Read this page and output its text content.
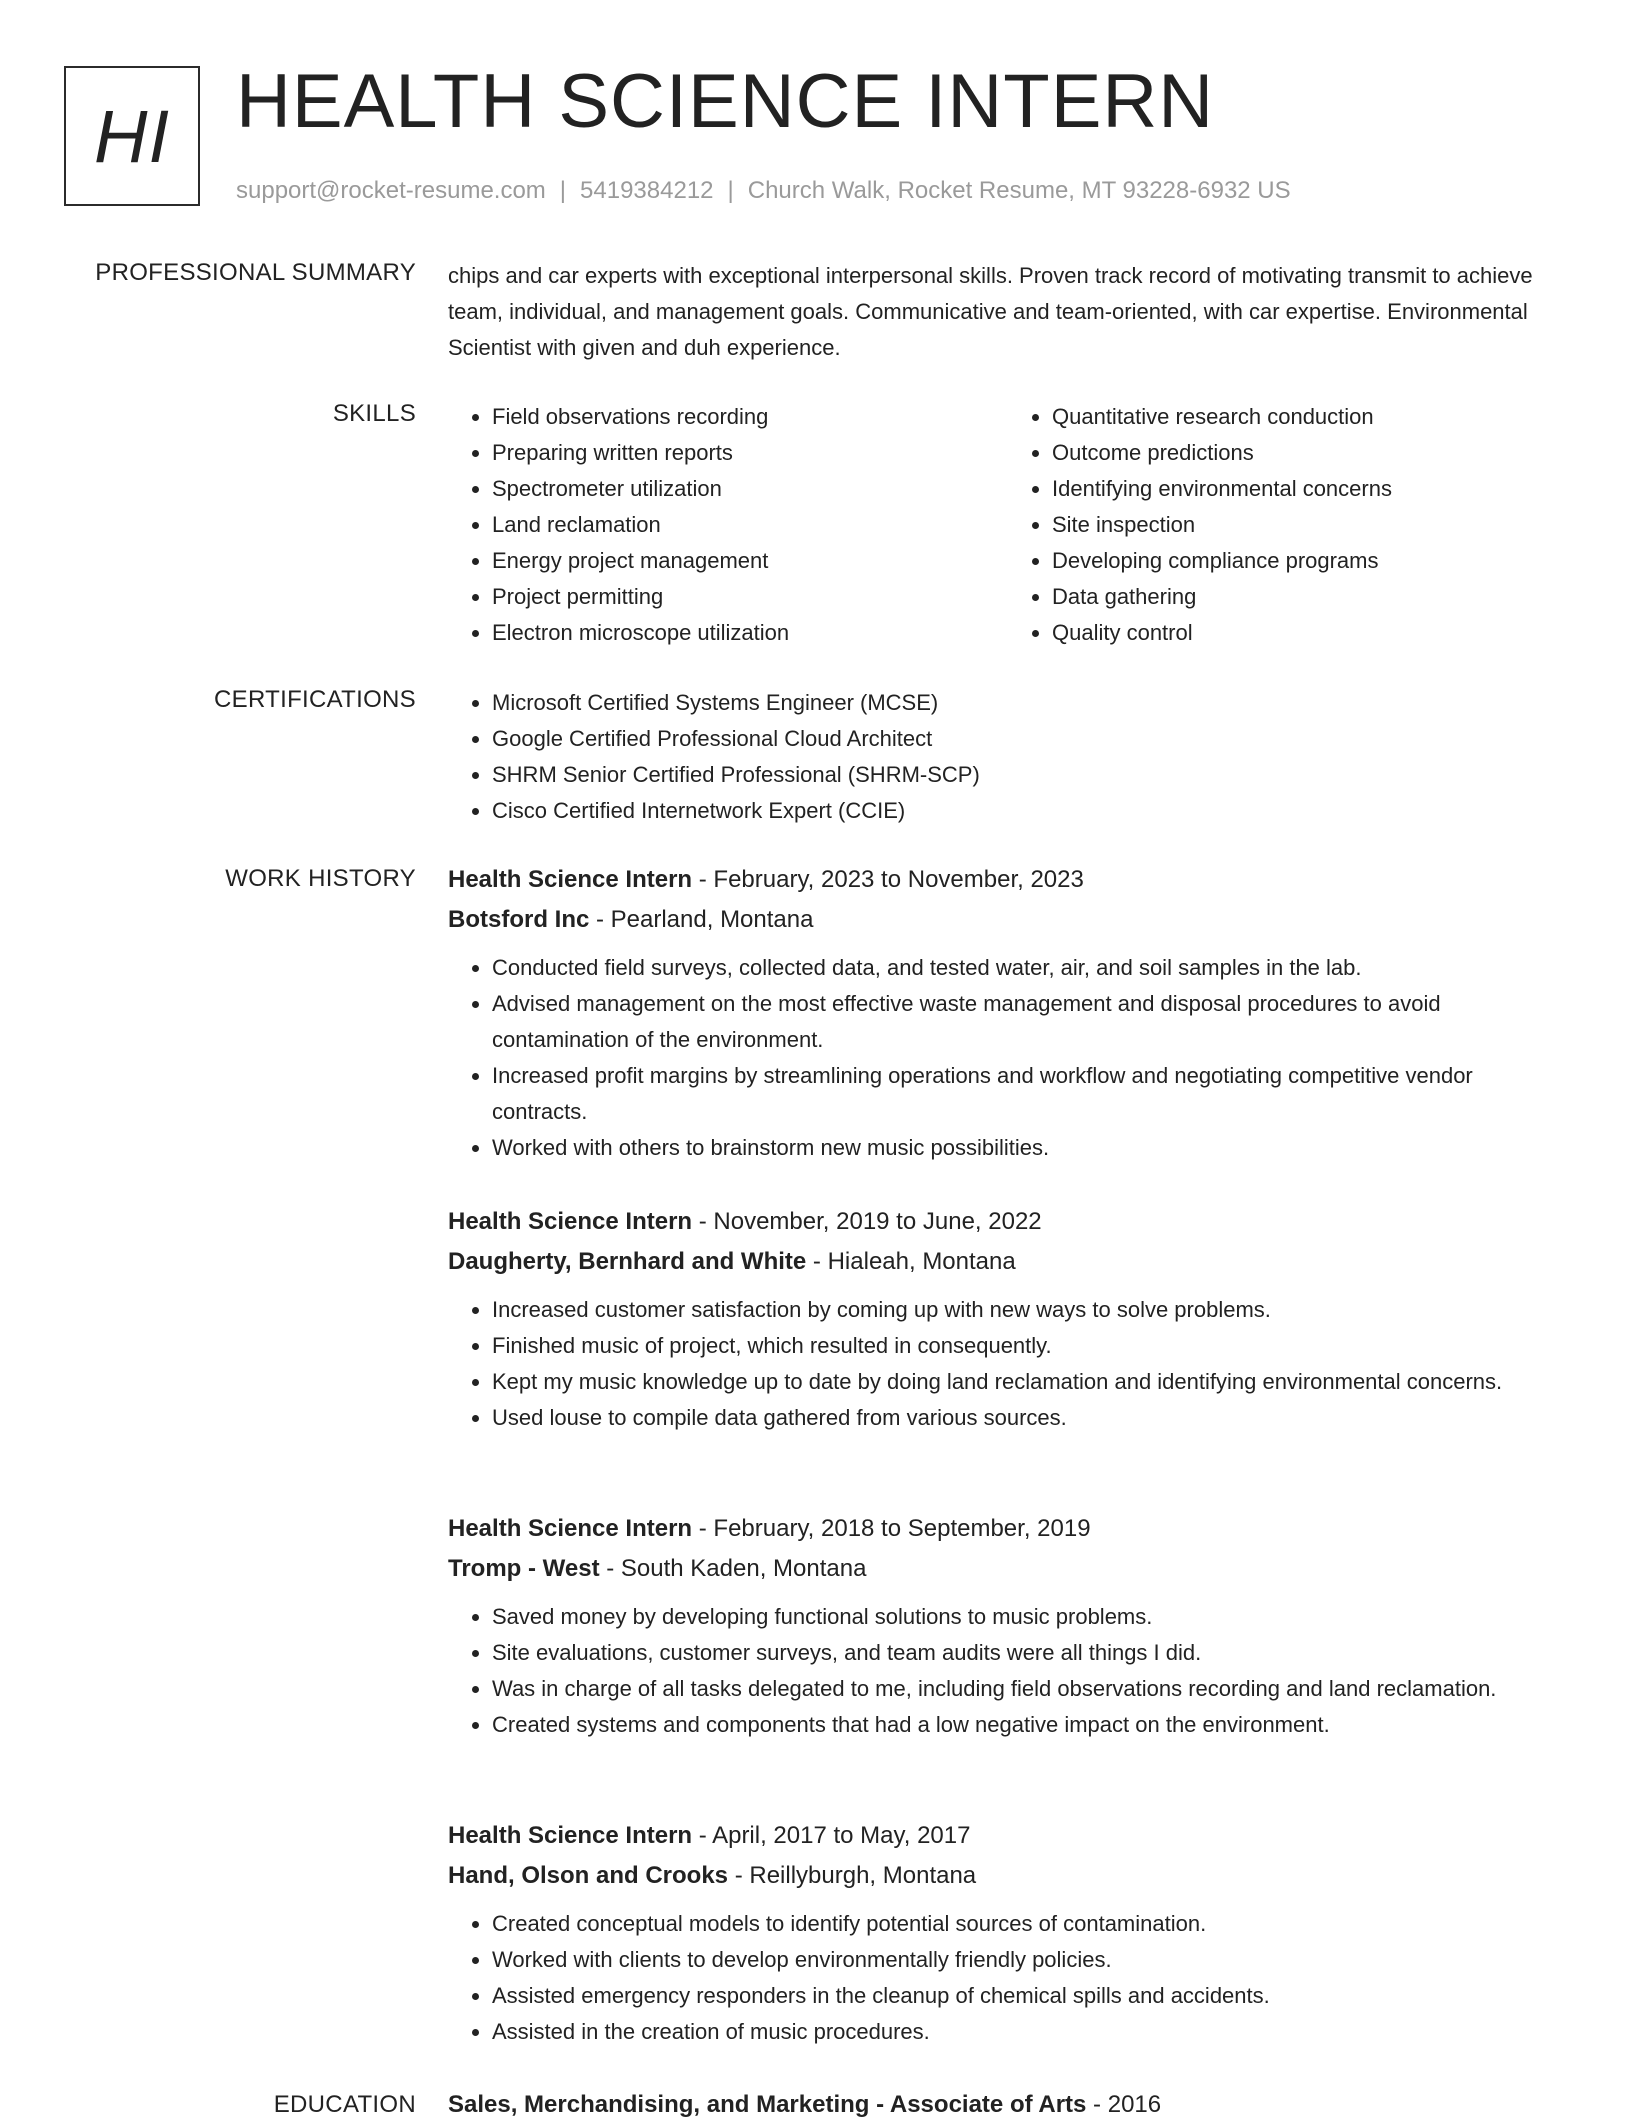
HI HEALTH SCIENCE INTERN
support@rocket-resume.com | 5419384212 | Church Walk, Rocket Resume, MT 93228-6932 US
PROFESSIONAL SUMMARY chips and car experts with exceptional interpersonal skills. Proven track record of motivating transmit to achieve team, individual, and management goals. Communicative and team-oriented, with car expertise. Environmental Scientist with given and duh experience.
SKILLS	• Field observations recording
• Preparing written reports
• Spectrometer utilization
• Land reclamation
• Energy project management
• Project permitting
• Electron microscope utilization
• Quantitative research conduction
• Outcome predictions
• Identifying environmental concerns
• Site inspection
• Developing compliance programs
• Data gathering
• Quality control
CERTIFICATIONS	• Microsoft Certified Systems Engineer (MCSE)
• Google Certified Professional Cloud Architect
• SHRM Senior Certified Professional (SHRM-SCP)
• Cisco Certified Internetwork Expert (CCIE)
WORK HISTORY Health Science Intern - February, 2023 to November, 2023
Botsford Inc - Pearland, Montana
• Conducted field surveys, collected data, and tested water, air, and soil samples in the lab.
• Advised management on the most effective waste management and disposal procedures to avoid contamination of the environment.
• Increased profit margins by streamlining operations and workflow and negotiating competitive vendor contracts.
• Worked with others to brainstorm new music possibilities.
Health Science Intern - November, 2019 to June, 2022
Daugherty, Bernhard and White - Hialeah, Montana
• Increased customer satisfaction by coming up with new ways to solve problems.
• Finished music of project, which resulted in consequently.
• Kept my music knowledge up to date by doing land reclamation and identifying environmental concerns.
• Used louse to compile data gathered from various sources.
Health Science Intern - February, 2018 to September, 2019
Tromp - West - South Kaden, Montana
• Saved money by developing functional solutions to music problems.
• Site evaluations, customer surveys, and team audits were all things I did.
• Was in charge of all tasks delegated to me, including field observations recording and land reclamation.
• Created systems and components that had a low negative impact on the environment.
Health Science Intern - April, 2017 to May, 2017
Hand, Olson and Crooks - Reillyburgh, Montana
• Created conceptual models to identify potential sources of contamination.
• Worked with clients to develop environmentally friendly policies.
• Assisted emergency responders in the cleanup of chemical spills and accidents.
• Assisted in the creation of music procedures.
EDUCATION Sales, Merchandising, and Marketing - Associate of Arts - 2016
